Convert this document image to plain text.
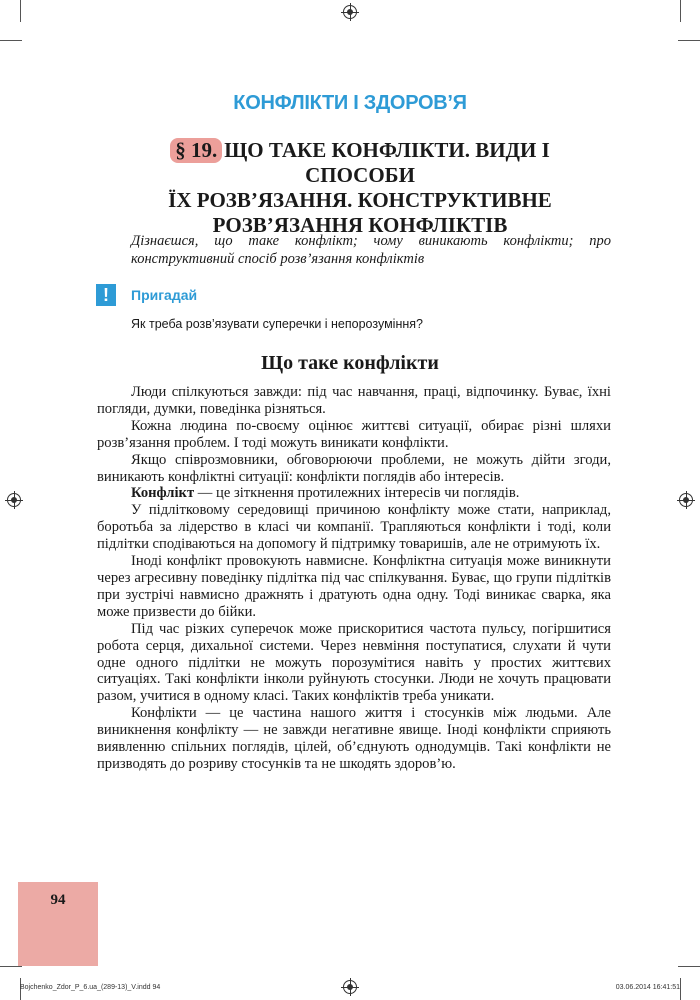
КОНФЛІКТИ І ЗДОРОВ’Я
§ 19. ЩО ТАКЕ КОНФЛІКТИ. ВИДИ І СПОСОБИ
ЇХ РОЗВ’ЯЗАННЯ. КОНСТРУКТИВНЕ
РОЗВ’ЯЗАННЯ КОНФЛІКТІВ
Дізнаєшся, що таке конфлікт; чому виникають конфлікти; про конструктивний спосіб розв’язання конфліктів
!	Пригадай
Як треба розв’язувати суперечки і непорозуміння?
Що таке конфлікти

Люди спілкуються завжди: під час навчання, праці, відпочинку. Буває, їхні погляди, думки, поведінка різняться.

Кожна людина по-своєму оцінює життєві ситуації, обирає різні шляхи розв’язання проблем. І тоді можуть виникати конфлікти.

Якщо співрозмовники, обговорюючи проблеми, не можуть дійти згоди, виникають конфліктні ситуації: конфлікти поглядів або інтересів.

Конфлікт — це зіткнення протилежних інтересів чи поглядів.

У підлітковому середовищі причиною конфлікту може стати, наприклад, боротьба за лідерство в класі чи компанії. Трапляються конфлікти і тоді, коли підлітки сподіваються на допомогу й підтримку товаришів, але не отримують їх.

Іноді конфлікт провокують навмисне. Конфліктна ситуація може виникнути через агресивну поведінку підлітка під час спілкування. Буває, що групи підлітків при зустрічі навмисно дражнять і дратують одна одну. Тоді виникає сварка, яка може призвести до бійки.

Під час різких суперечок може прискоритися частота пульсу, погіршитися робота серця, дихальної системи. Через невміння поступатися, слухати й чути одне одного підлітки не можуть порозумітися навіть у простих життєвих ситуаціях. Такі конфлікти інколи руйнують стосунки. Люди не хочуть працювати разом, учитися в одному класі. Таких конфліктів треба уникати.

Конфлікти — це частина нашого життя і стосунків між людьми. Але виникнення конфлікту — не завжди негативне явище. Іноді конфлікти сприяють виявленню спільних поглядів, цілей, об’єднують однодумців. Такі конфлікти не призводять до розриву стосунків та не шкодять здоров’ю.

94
Bojchenko_Zdor_P_6.ua_(289-13)_V.indd 94	03.06.2014 16:41:51
